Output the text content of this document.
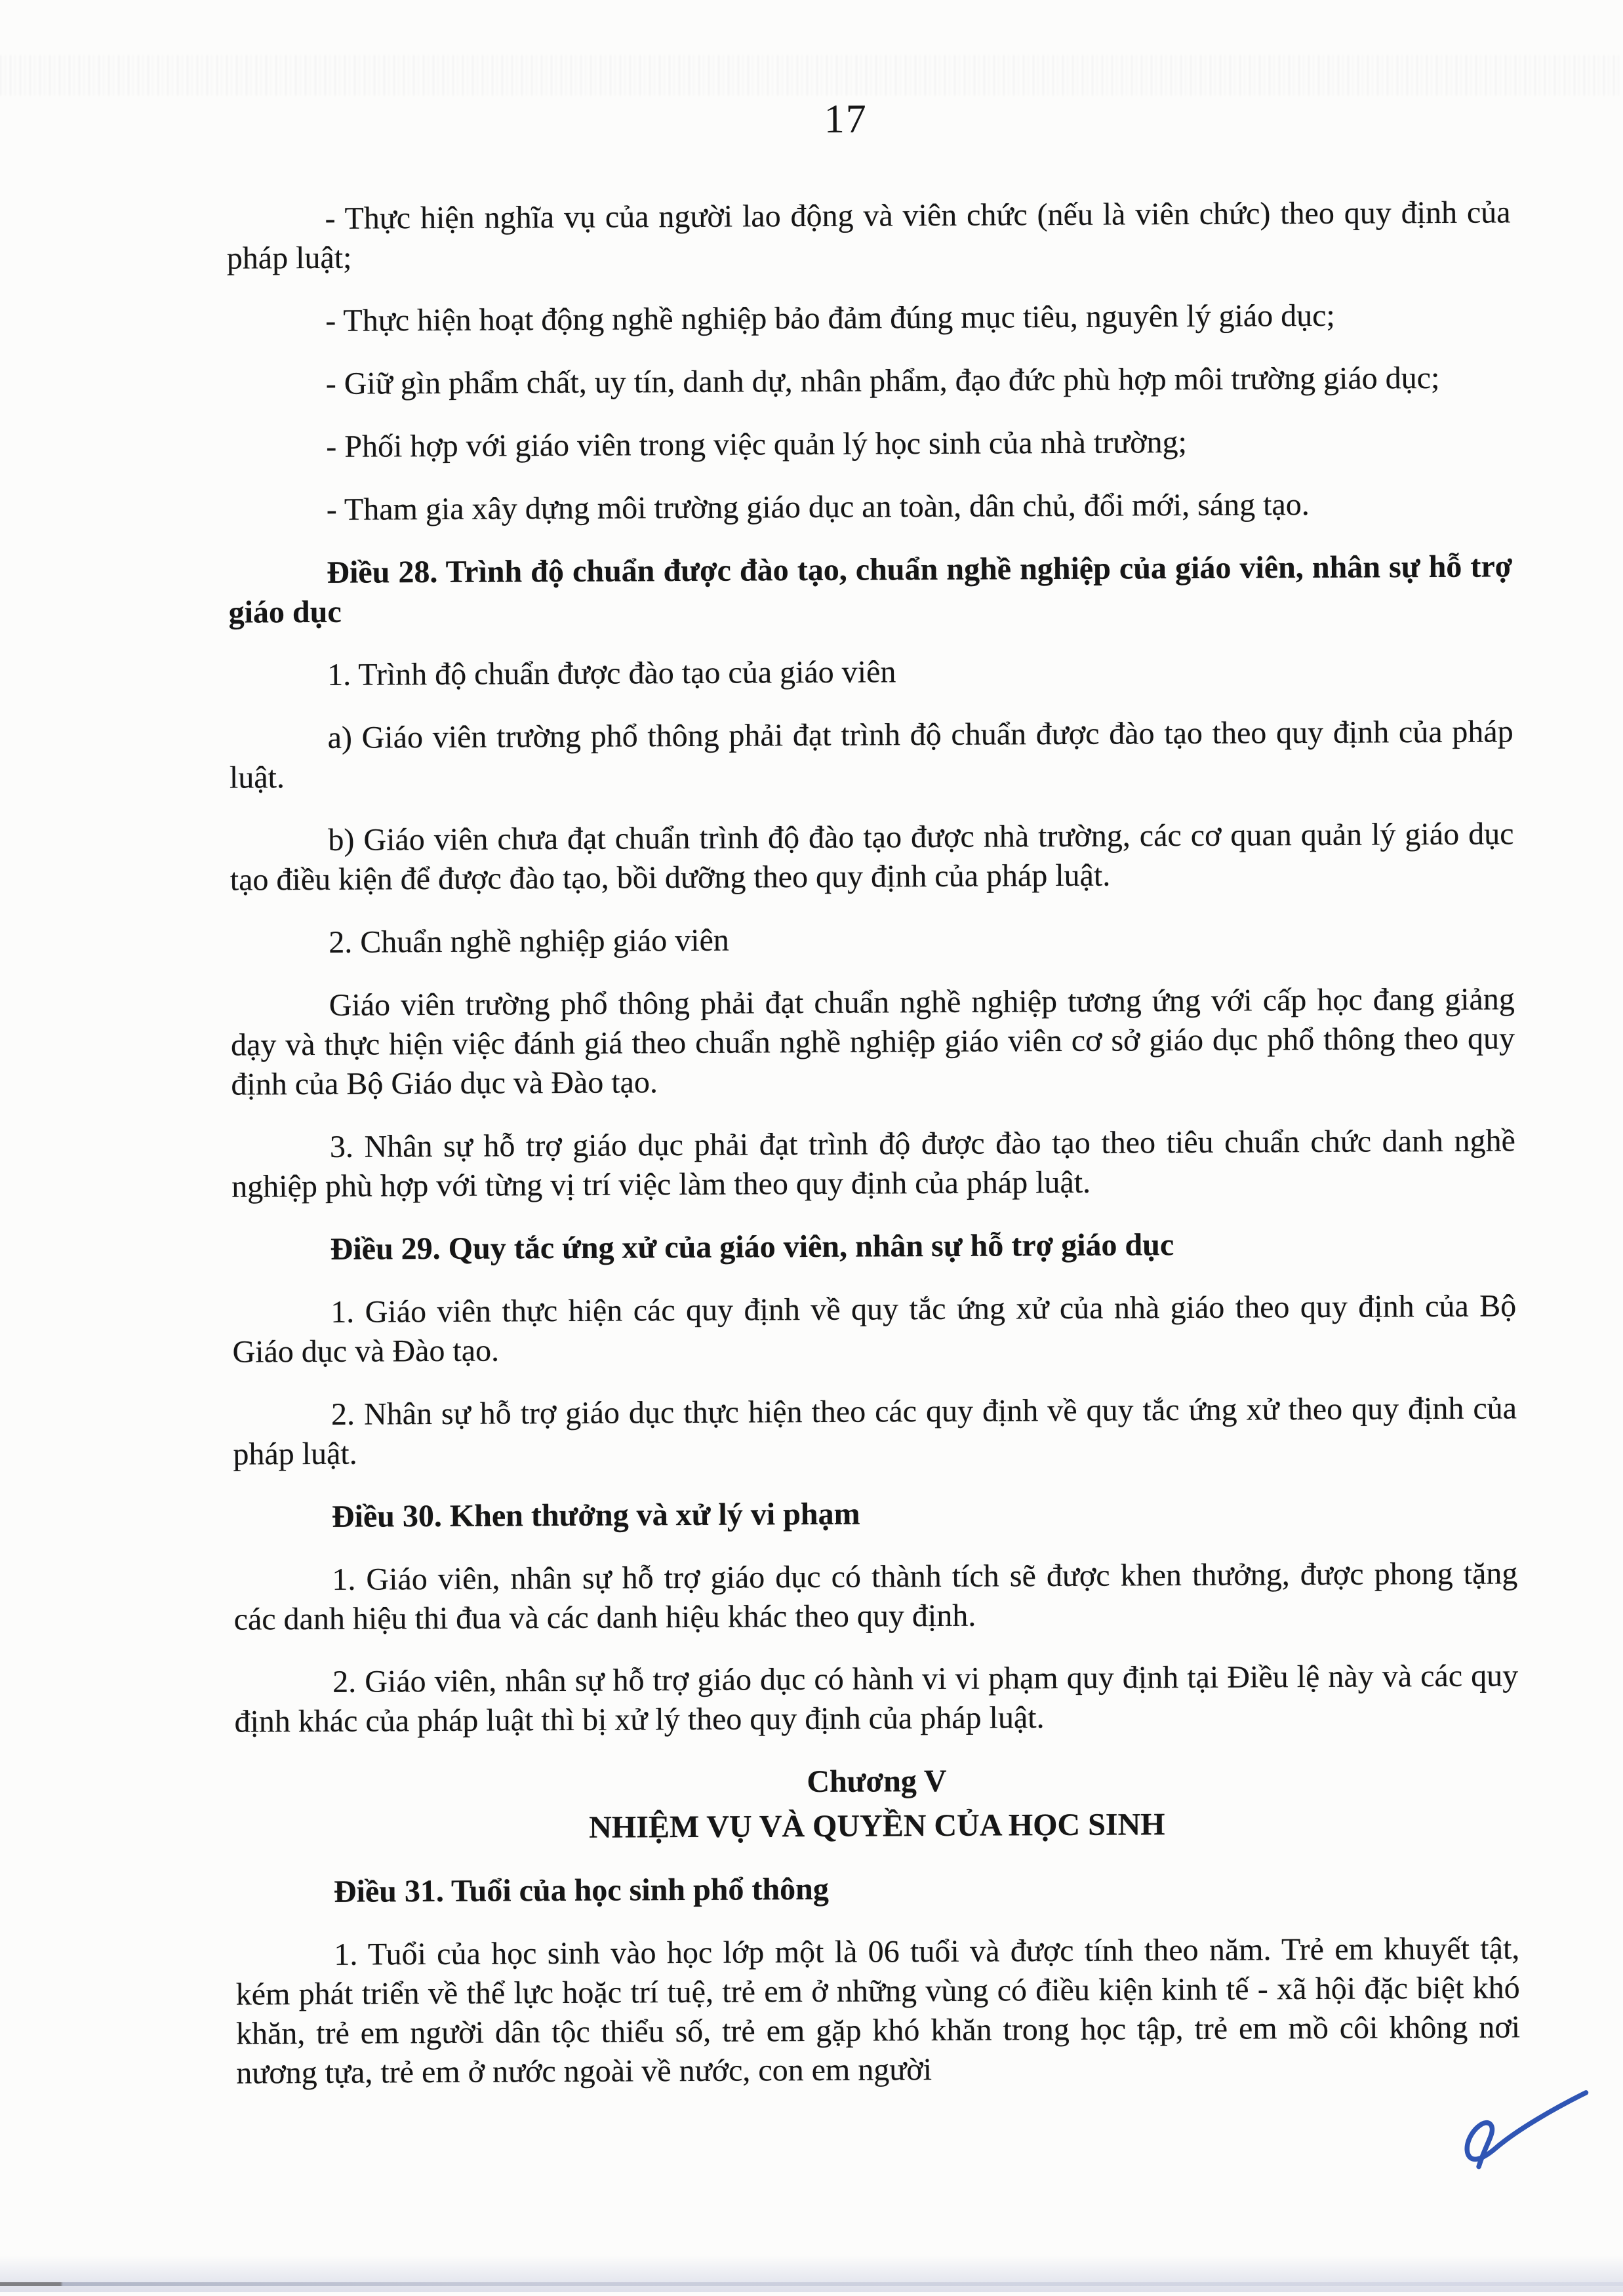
17

- Thực hiện nghĩa vụ của người lao động và viên chức (nếu là viên chức) theo quy định của pháp luật;

- Thực hiện hoạt động nghề nghiệp bảo đảm đúng mục tiêu, nguyên lý giáo dục;

- Giữ gìn phẩm chất, uy tín, danh dự, nhân phẩm, đạo đức phù hợp môi trường giáo dục;

- Phối hợp với giáo viên trong việc quản lý học sinh của nhà trường;

- Tham gia xây dựng môi trường giáo dục an toàn, dân chủ, đổi mới, sáng tạo.

Điều 28. Trình độ chuẩn được đào tạo, chuẩn nghề nghiệp của giáo viên, nhân sự hỗ trợ giáo dục

1. Trình độ chuẩn được đào tạo của giáo viên

a) Giáo viên trường phổ thông phải đạt trình độ chuẩn được đào tạo theo quy định của pháp luật.

b) Giáo viên chưa đạt chuẩn trình độ đào tạo được nhà trường, các cơ quan quản lý giáo dục tạo điều kiện để được đào tạo, bồi dưỡng theo quy định của pháp luật.

2. Chuẩn nghề nghiệp giáo viên

Giáo viên trường phổ thông phải đạt chuẩn nghề nghiệp tương ứng với cấp học đang giảng dạy và thực hiện việc đánh giá theo chuẩn nghề nghiệp giáo viên cơ sở giáo dục phổ thông theo quy định của Bộ Giáo dục và Đào tạo.

3. Nhân sự hỗ trợ giáo dục phải đạt trình độ được đào tạo theo tiêu chuẩn chức danh nghề nghiệp phù hợp với từng vị trí việc làm theo quy định của pháp luật.

Điều 29. Quy tắc ứng xử của giáo viên, nhân sự hỗ trợ giáo dục

1. Giáo viên thực hiện các quy định về quy tắc ứng xử của nhà giáo theo quy định của Bộ Giáo dục và Đào tạo.

2. Nhân sự hỗ trợ giáo dục thực hiện theo các quy định về quy tắc ứng xử theo quy định của pháp luật.

Điều 30. Khen thưởng và xử lý vi phạm

1. Giáo viên, nhân sự hỗ trợ giáo dục có thành tích sẽ được khen thưởng, được phong tặng các danh hiệu thi đua và các danh hiệu khác theo quy định.

2. Giáo viên, nhân sự hỗ trợ giáo dục có hành vi vi phạm quy định tại Điều lệ này và các quy định khác của pháp luật thì bị xử lý theo quy định của pháp luật.

Chương V

NHIỆM VỤ VÀ QUYỀN CỦA HỌC SINH

Điều 31. Tuổi của học sinh phổ thông

1. Tuổi của học sinh vào học lớp một là 06 tuổi và được tính theo năm. Trẻ em khuyết tật, kém phát triển về thể lực hoặc trí tuệ, trẻ em ở những vùng có điều kiện kinh tế - xã hội đặc biệt khó khăn, trẻ em người dân tộc thiểu số, trẻ em gặp khó khăn trong học tập, trẻ em mồ côi không nơi nương tựa, trẻ em ở nước ngoài về nước, con em người
